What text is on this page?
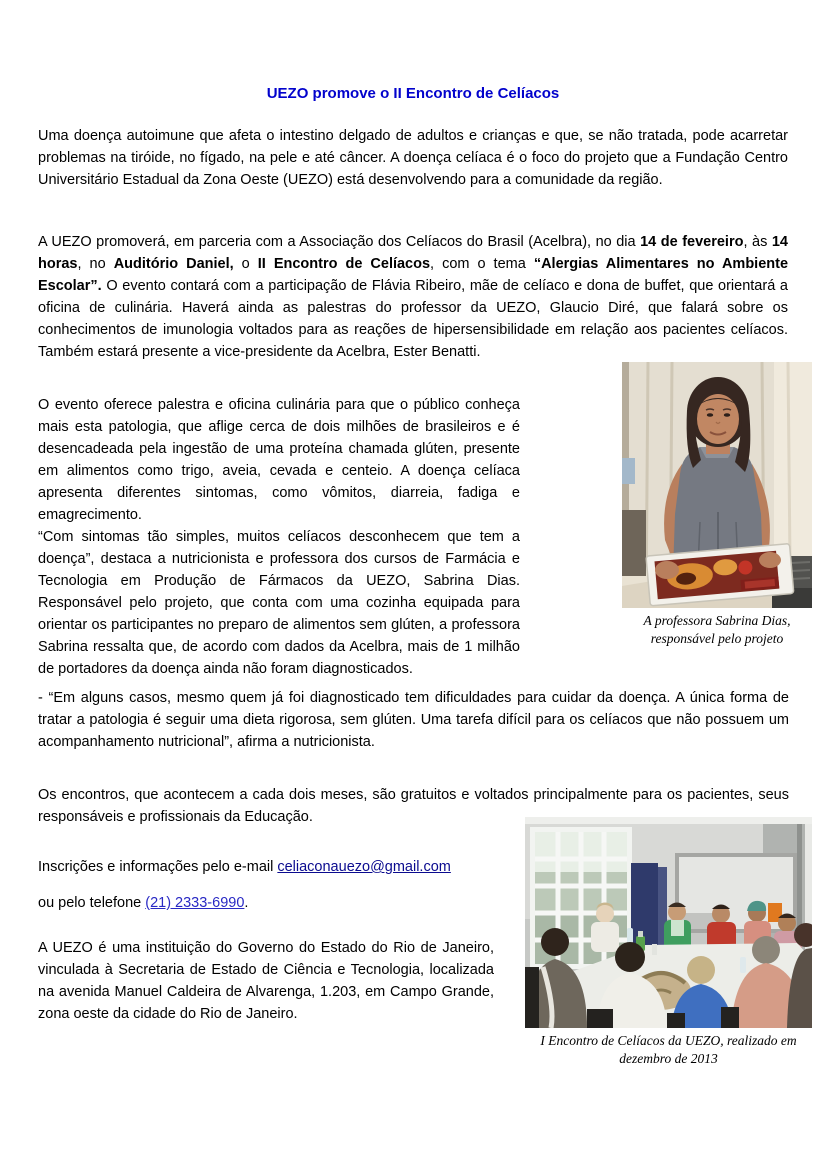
UEZO promove o II Encontro de Celíacos

Uma doença autoimune que afeta o intestino delgado de adultos e crianças e que, se não tratada, pode acarretar problemas na tiróide, no fígado, na pele e até câncer. A doença celíaca é o foco do projeto que a Fundação Centro Universitário Estadual da Zona Oeste (UEZO) está desenvolvendo para a comunidade da região.

A UEZO promoverá, em parceria com a Associação dos Celíacos do Brasil (Acelbra), no dia 14 de fevereiro, às 14 horas, no Auditório Daniel, o II Encontro de Celíacos, com o tema “Alergias Alimentares no Ambiente Escolar”. O evento contará com a participação de Flávia Ribeiro, mãe de celíaco e dona de buffet, que orientará a oficina de culinária. Haverá ainda as palestras do professor da UEZO, Glaucio Diré, que falará sobre os conhecimentos de imunologia voltados para as reações de hipersensibilidade em relação aos pacientes celíacos. Também estará presente a vice-presidente da Acelbra, Ester Benatti.

O evento oferece palestra e oficina culinária para que o público conheça mais esta patologia, que aflige cerca de dois milhões de brasileiros e é desencadeada pela ingestão de uma proteína chamada glúten, presente em alimentos como trigo, aveia, cevada e centeio. A doença celíaca apresenta diferentes sintomas, como vômitos, diarreia, fadiga e emagrecimento.

“Com sintomas tão simples, muitos celíacos desconhecem que tem a doença”, destaca a nutricionista e professora dos cursos de Farmácia e Tecnologia em Produção de Fármacos da UEZO, Sabrina Dias. Responsável pelo projeto, que conta com uma cozinha equipada para orientar os participantes no preparo de alimentos sem glúten, a professora Sabrina ressalta que, de acordo com dados da Acelbra, mais de 1 milhão de portadores da doença ainda não foram diagnosticados.

- “Em alguns casos, mesmo quem já foi diagnosticado tem dificuldades para cuidar da doença. A única forma de tratar a patologia é seguir uma dieta rigorosa, sem glúten. Uma tarefa difícil para os celíacos que não possuem um acompanhamento nutricional”, afirma a nutricionista.

Os encontros, que acontecem a cada dois meses, são gratuitos e voltados principalmente para os pacientes, seus responsáveis e profissionais da Educação.

Inscrições e informações pelo e-mail celiaconauezo@gmail.com
ou pelo telefone (21) 2333-6990.

A UEZO é uma instituição do Governo do Estado do Rio de Janeiro, vinculada à Secretaria de Estado de Ciência e Tecnologia, localizada na avenida Manuel Caldeira de Alvarenga, 1.203, em Campo Grande, zona oeste da cidade do Rio de Janeiro.

A professora Sabrina Dias, responsável pelo projeto
I Encontro de Celíacos da UEZO, realizado em dezembro de 2013
